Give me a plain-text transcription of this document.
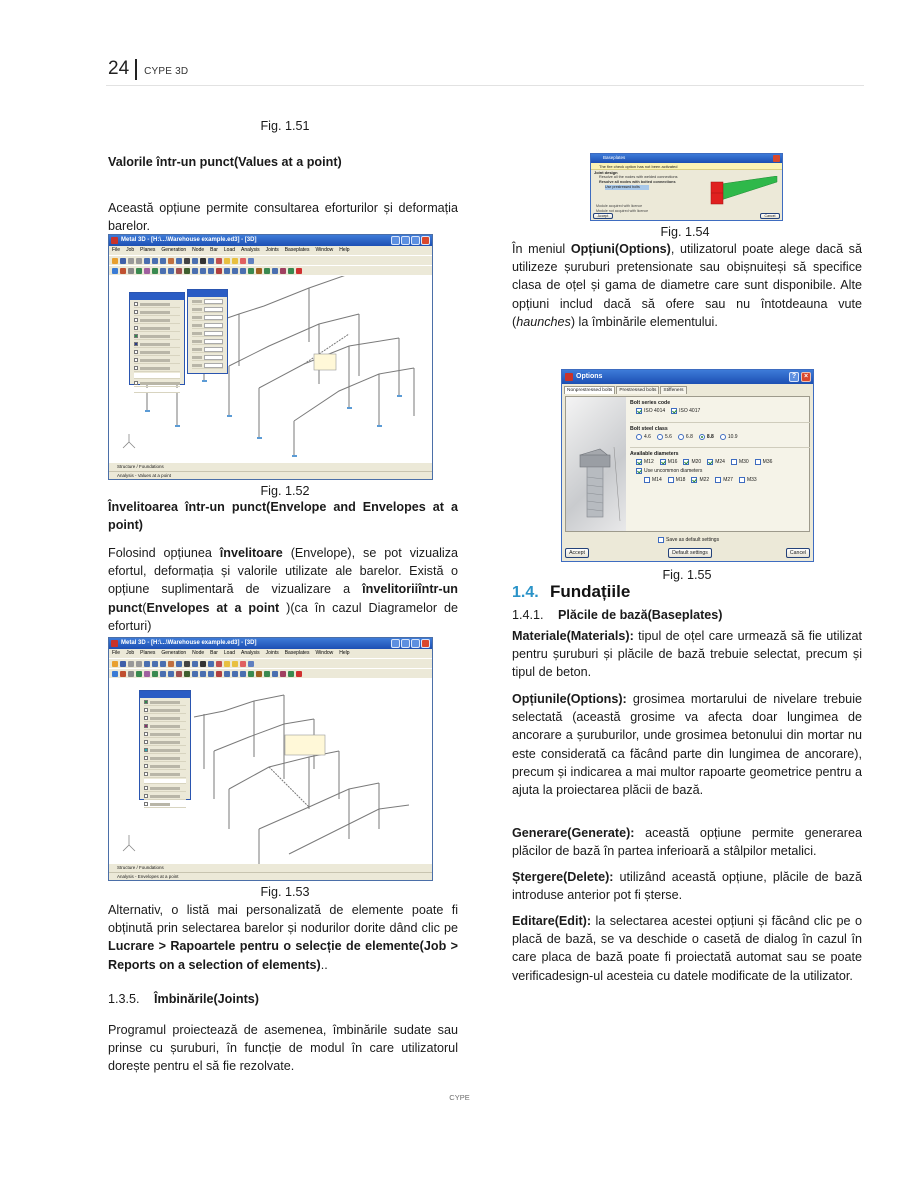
24 CYPE 3D
Fig. 1.51
Valorile într-un punct(Values at a point)

Această opțiune permite consultarea eforturilor și deformația barelor.

Metal 3D - [H:\...\Warehouse example.ed3] - [3D]
File Job Planes Generation Node Bar Load Analysis Joints Baseplates Window Help
Structure / Foundations
Analysis - Values at a point
Fig. 1.52
Învelitoarea într-un punct(Envelope and Envelopes at a point)

Folosind opțiunea învelitoare (Envelope), se pot vizualiza efortul, deformația și valorile utilizate ale barelor. Există o opțiune suplimentară de vizualizare a învelitoriiîntr-un punct(Envelopes at a point )(ca în cazul Diagramelor de eforturi)

Metal 3D - [H:\...\Warehouse example.ed3] - [3D]
File Job Planes Generation Node Bar Load Analysis Joints Baseplates Window Help
Structure / Foundations
Analysis - Envelopes at a point
Fig. 1.53

Alternativ, o listă mai personalizată de elemente poate fi obținută prin selectarea barelor și nodurilor dorite dând clic pe Lucrare > Rapoartele pentru o selecție de elemente(Job > Reports on a selection of elements)..

1.3.5.	Îmbinările(Joints)

Programul proiectează de asemenea, îmbinările sudate sau prinse cu șuruburi, în funcție de modul în care utilizatorul dorește pentru el să fie rezolvate.

Baseplates
The fire check option has not been activated
Joint design
Resolve all the nodes with welded connections
Resolve all nodes with bolted connections
Use prestressed bolts
Module acquired with licence
Module not acquired with licence
Accept	Cancel
Fig. 1.54

În meniul Opțiuni(Options), utilizatorul poate alege dacă să utilizeze șuruburi pretensionate sau obișnuiteși să specifice clasa de oțel și gama de diametre care sunt disponibile. Alte opțiuni includ dacă să ofere sau nu întotdeauna vute (haunches) la îmbinările elementului.

Options	?	×
Nonprestressed bolts	Prestressed bolts	Stiffeners
Bolt series code
ISO 4014	ISO 4017
Bolt steel class
4.6	5.6	6.8	8.8	10.9
Available diameters
M12	M16	M20	M24	M30	M36
Use uncommon diameters
M14	M18	M22	M27	M33
Save as default settings
Accept	Default settings	Cancel
Fig. 1.55
1.4. Fundațiile
1.4.1.	Plăcile de bază(Baseplates)

Materiale(Materials): tipul de oțel care urmează să fie utilizat pentru șuruburi și plăcile de bază trebuie selectat, precum și tipul de beton.

Opțiunile(Options): grosimea mortarului de nivelare trebuie selectată (această grosime va afecta doar lungimea de ancorare a șuruburilor, unde grosimea betonului din mortar nu este considerată ca făcând parte din lungimea de ancorare), precum și indicarea a mai multor rapoarte geometrice pentru a ajuta la proiectarea plăcii de bază.

Generare(Generate): această opțiune permite generarea plăcilor de bază în partea inferioară a stâlpilor metalici.

Ștergere(Delete): utilizând această opțiune, plăcile de bază introduse anterior pot fi șterse.

Editare(Edit): la selectarea acestei opțiuni și făcând clic pe o placă de bază, se va deschide o casetă de dialog în cazul în care placa de bază poate fi proiectată automat sau se poate verificadesign-ul acesteia cu datele modificate de la utilizator.

CYPE
